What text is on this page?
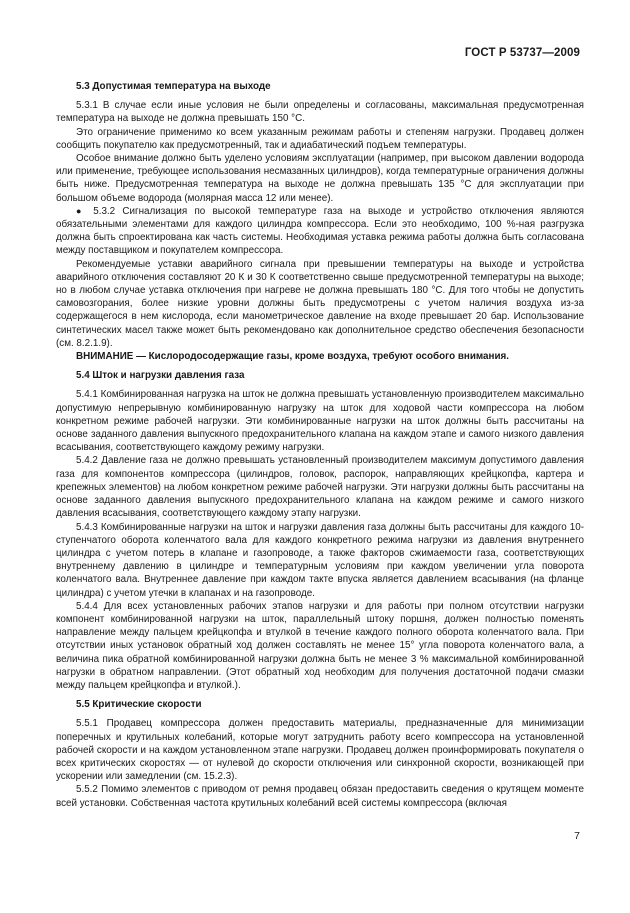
ГОСТ Р 53737—2009
5.3 Допустимая температура на выходе

5.3.1 В случае если иные условия не были определены и согласованы, максимальная предусмотренная температура на выходе не должна превышать 150 °С.

Это ограничение применимо ко всем указанным режимам работы и степеням нагрузки. Продавец должен сообщить покупателю как предусмотренный, так и адиабатический подъем температуры.

Особое внимание должно быть уделено условиям эксплуатации (например, при высоком давлении водорода или применение, требующее использования несмазанных цилиндров), когда температурные ограничения должны быть ниже. Предусмотренная температура на выходе не должна превышать 135 °С для эксплуатации при большом объеме водорода (молярная масса 12 или менее).

● 5.3.2 Сигнализация по высокой температуре газа на выходе и устройство отключения являются обязательными элементами для каждого цилиндра компрессора. Если это необходимо, 100 %-ная разгрузка должна быть спроектирована как часть системы. Необходимая уставка режима работы должна быть согласована между поставщиком и покупателем компрессора.

Рекомендуемые уставки аварийного сигнала при превышении температуры на выходе и устройства аварийного отключения составляют 20 К и 30 К соответственно свыше предусмотренной температуры на выходе; но в любом случае уставка отключения при нагреве не должна превышать 180 °С. Для того чтобы не допустить самовозгорания, более низкие уровни должны быть предусмотрены с учетом наличия воздуха из-за содержащегося в нем кислорода, если манометрическое давление на входе превышает 20 бар. Использование синтетических масел также может быть рекомендовано как дополнительное средство обеспечения безопасности (см. 8.2.1.9).

ВНИМАНИЕ — Кислородосодержащие газы, кроме воздуха, требуют особого внимания.

5.4 Шток и нагрузки давления газа

5.4.1 Комбинированная нагрузка на шток не должна превышать установленную производителем максимально допустимую непрерывную комбинированную нагрузку на шток для ходовой части компрессора на любом конкретном режиме рабочей нагрузки. Эти комбинированные нагрузки на шток должны быть рассчитаны на основе заданного давления выпускного предохранительного клапана на каждом этапе и самого низкого давления всасывания, соответствующего каждому режиму нагрузки.

5.4.2 Давление газа не должно превышать установленный производителем максимум допустимого давления газа для компонентов компрессора (цилиндров, головок, распорок, направляющих крейцкопфа, картера и крепежных элементов) на любом конкретном режиме рабочей нагрузки. Эти нагрузки должны быть рассчитаны на основе заданного давления выпускного предохранительного клапана на каждом режиме и самого низкого давления всасывания, соответствующего каждому этапу нагрузки.

5.4.3 Комбинированные нагрузки на шток и нагрузки давления газа должны быть рассчитаны для каждого 10-ступенчатого оборота коленчатого вала для каждого конкретного режима нагрузки из давления внутреннего цилиндра с учетом потерь в клапане и газопроводе, а также факторов сжимаемости газа, соответствующих внутреннему давлению в цилиндре и температурным условиям при каждом увеличении угла поворота коленчатого вала. Внутреннее давление при каждом такте впуска является давлением всасывания (на фланце цилиндра) с учетом утечки в клапанах и на газопроводе.

5.4.4 Для всех установленных рабочих этапов нагрузки и для работы при полном отсутствии нагрузки компонент комбинированной нагрузки на шток, параллельный штоку поршня, должен полностью поменять направление между пальцем крейцкопфа и втулкой в течение каждого полного оборота коленчатого вала. При отсутствии иных установок обратный ход должен составлять не менее 15° угла поворота коленчатого вала, а величина пика обратной комбинированной нагрузки должна быть не менее 3 % максимальной комбинированной нагрузки в обратном направлении. (Этот обратный ход необходим для получения достаточной подачи смазки между пальцем крейцкопфа и втулкой.).

5.5 Критические скорости

5.5.1 Продавец компрессора должен предоставить материалы, предназначенные для минимизации поперечных и крутильных колебаний, которые могут затруднить работу всего компрессора на установленной рабочей скорости и на каждом установленном этапе нагрузки. Продавец должен проинформировать покупателя о всех критических скоростях — от нулевой до скорости отключения или синхронной скорости, возникающей при ускорении или замедлении (см. 15.2.3).

5.5.2 Помимо элементов с приводом от ремня продавец обязан предоставить сведения о крутящем моменте всей установки. Собственная частота крутильных колебаний всей системы компрессора (включая

7
